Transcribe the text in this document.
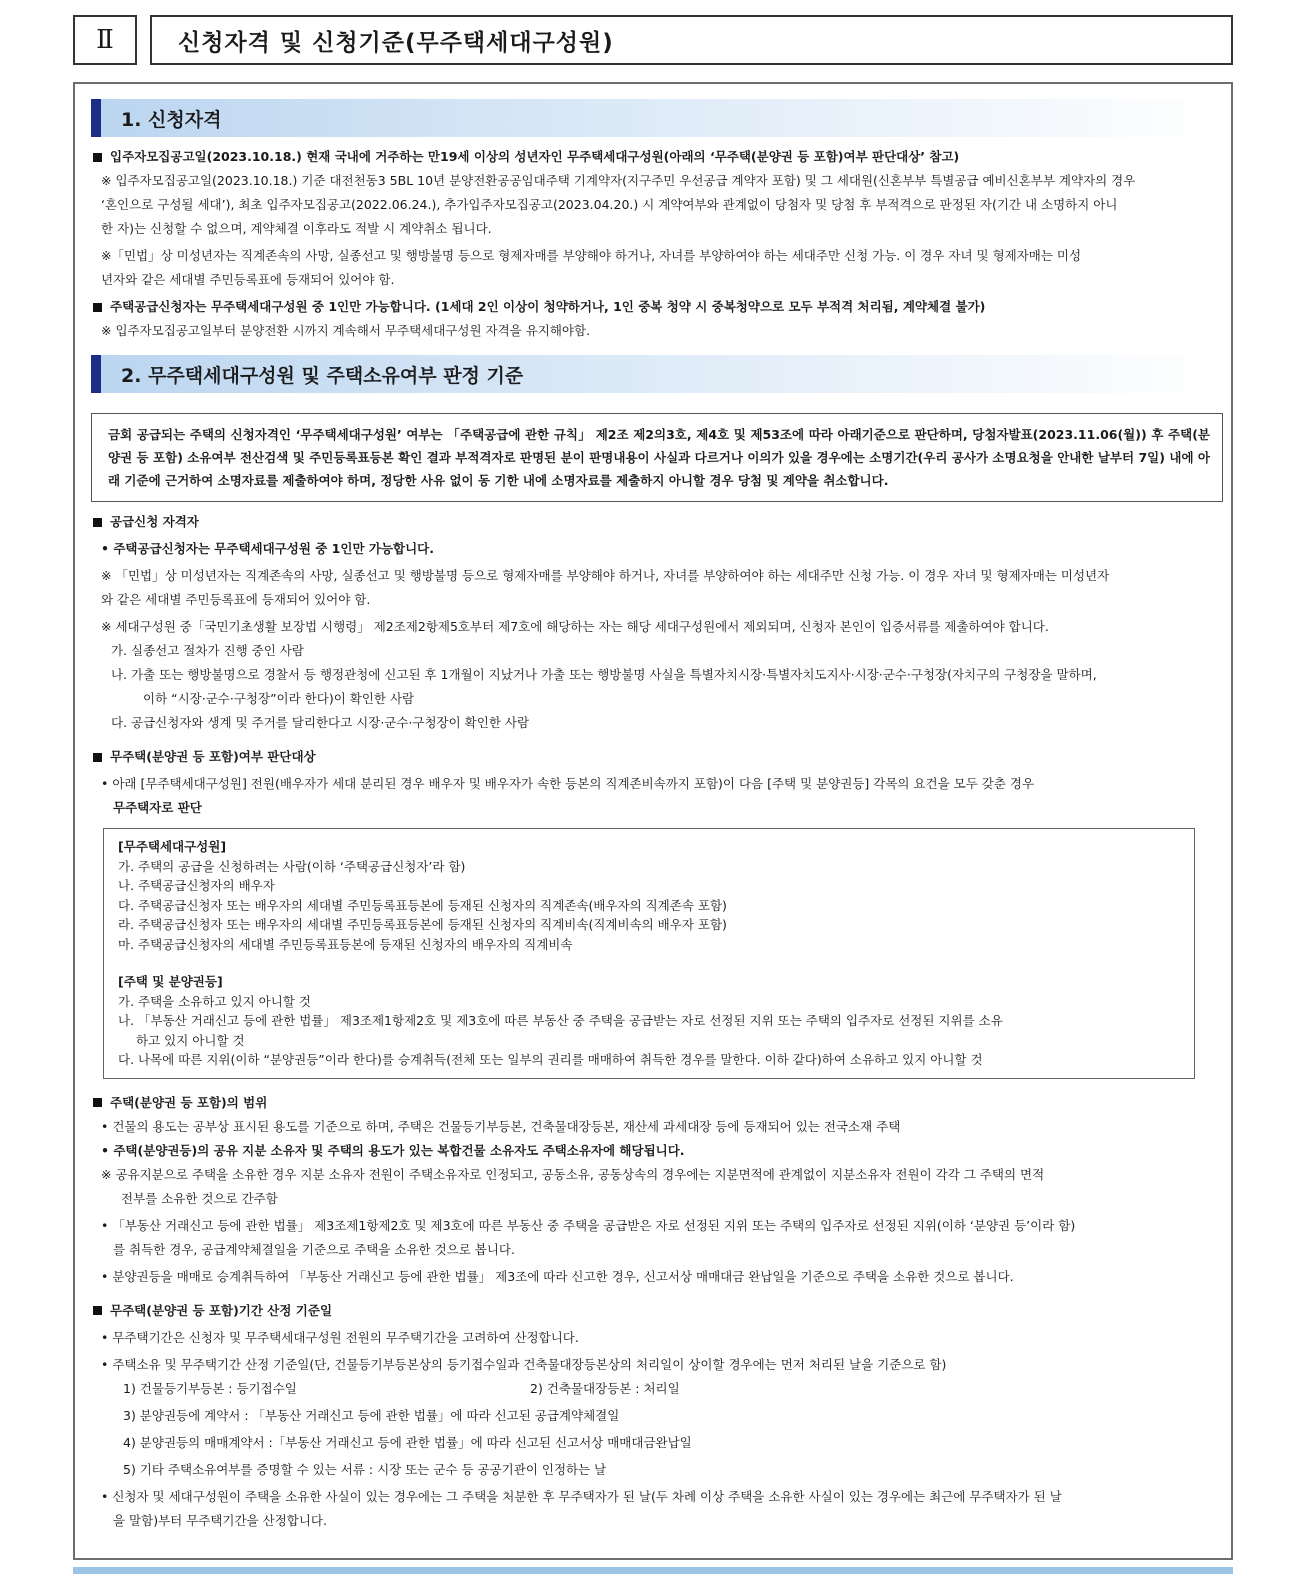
Ⅱ	신청자격 및 신청기준(무주택세대구성원)
1. 신청자격

입주자모집공고일(2023.10.18.) 현재 국내에 거주하는 만19세 이상의 성년자인 무주택세대구성원(아래의 ‘무주택(분양권 등 포함)여부 판단대상’ 참고)

※ 입주자모집공고일(2023.10.18.) 기준 대전천동3 5BL 10년 분양전환공공임대주택 기계약자(지구주민 우선공급 계약자 포함) 및 그 세대원(신혼부부 특별공급 예비신혼부부 계약자의 경우

‘혼인으로 구성될 세대’), 최초 입주자모집공고(2022.06.24.), 추가입주자모집공고(2023.04.20.) 시 계약여부와 관계없이 당첨자 및 당첨 후 부적격으로 판정된 자(기간 내 소명하지 아니

한 자)는 신청할 수 없으며, 계약체결 이후라도 적발 시 계약취소 됩니다.

※「민법」상 미성년자는 직계존속의 사망, 실종선고 및 행방불명 등으로 형제자매를 부양해야 하거나, 자녀를 부양하여야 하는 세대주만 신청 가능. 이 경우 자녀 및 형제자매는 미성

년자와 같은 세대별 주민등록표에 등재되어 있어야 함.

주택공급신청자는 무주택세대구성원 중 1인만 가능합니다. (1세대 2인 이상이 청약하거나, 1인 중복 청약 시 중복청약으로 모두 부적격 처리됨, 계약체결 불가)

※ 입주자모집공고일부터 분양전환 시까지 계속해서 무주택세대구성원 자격을 유지해야함.

2. 무주택세대구성원 및 주택소유여부 판정 기준
금회 공급되는 주택의 신청자격인 ‘무주택세대구성원’ 여부는 「주택공급에 관한 규칙」 제2조 제2의3호, 제4호 및 제53조에 따라 아래기준으로 판단하며, 당첨자발표(2023.11.06(월)) 후 주택(분양권 등 포함) 소유여부 전산검색 및 주민등록표등본 확인 결과 부적격자로 판명된 분이 판명내용이 사실과 다르거나 이의가 있을 경우에는 소명기간(우리 공사가 소명요청을 안내한 날부터 7일) 내에 아래 기준에 근거하여 소명자료를 제출하여야 하며, 정당한 사유 없이 동 기한 내에 소명자료를 제출하지 아니할 경우 당첨 및 계약을 취소합니다.

공급신청 자격자

• 주택공급신청자는 무주택세대구성원 중 1인만 가능합니다.

※ 「민법」상 미성년자는 직계존속의 사망, 실종선고 및 행방불명 등으로 형제자매를 부양해야 하거나, 자녀를 부양하여야 하는 세대주만 신청 가능. 이 경우 자녀 및 형제자매는 미성년자

와 같은 세대별 주민등록표에 등재되어 있어야 함.

※ 세대구성원 중「국민기초생활 보장법 시행령」 제2조제2항제5호부터 제7호에 해당하는 자는 해당 세대구성원에서 제외되며, 신청자 본인이 입증서류를 제출하여야 합니다.

가. 실종선고 절차가 진행 중인 사람

나. 가출 또는 행방불명으로 경찰서 등 행정관청에 신고된 후 1개월이 지났거나 가출 또는 행방불명 사실을 특별자치시장·특별자치도지사·시장·군수·구청장(자치구의 구청장을 말하며,

이하 “시장·군수·구청장”이라 한다)이 확인한 사람

다. 공급신청자와 생계 및 주거를 달리한다고 시장·군수·구청장이 확인한 사람

무주택(분양권 등 포함)여부 판단대상

• 아래 [무주택세대구성원] 전원(배우자가 세대 분리된 경우 배우자 및 배우자가 속한 등본의 직계존비속까지 포함)이 다음 [주택 및 분양권등] 각목의 요건을 모두 갖춘 경우

무주택자로 판단

[무주택세대구성원]

가. 주택의 공급을 신청하려는 사람(이하 ‘주택공급신청자’라 함)

나. 주택공급신청자의 배우자

다. 주택공급신청자 또는 배우자의 세대별 주민등록표등본에 등재된 신청자의 직계존속(배우자의 직계존속 포함)

라. 주택공급신청자 또는 배우자의 세대별 주민등록표등본에 등재된 신청자의 직계비속(직계비속의 배우자 포함)

마. 주택공급신청자의 세대별 주민등록표등본에 등재된 신청자의 배우자의 직계비속

[주택 및 분양권등]

가. 주택을 소유하고 있지 아니할 것

나. 「부동산 거래신고 등에 관한 법률」 제3조제1항제2호 및 제3호에 따른 부동산 중 주택을 공급받는 자로 선정된 지위 또는 주택의 입주자로 선정된 지위를 소유

하고 있지 아니할 것

다. 나목에 따른 지위(이하 “분양권등”이라 한다)를 승계취득(전체 또는 일부의 권리를 매매하여 취득한 경우를 말한다. 이하 같다)하여 소유하고 있지 아니할 것

주택(분양권 등 포함)의 범위

• 건물의 용도는 공부상 표시된 용도를 기준으로 하며, 주택은 건물등기부등본, 건축물대장등본, 재산세 과세대장 등에 등재되어 있는 전국소재 주택

• 주택(분양권등)의 공유 지분 소유자 및 주택의 용도가 있는 복합건물 소유자도 주택소유자에 해당됩니다.

※ 공유지분으로 주택을 소유한 경우 지분 소유자 전원이 주택소유자로 인정되고, 공동소유, 공동상속의 경우에는 지분면적에 관계없이 지분소유자 전원이 각각 그 주택의 면적

전부를 소유한 것으로 간주함

• 「부동산 거래신고 등에 관한 법률」 제3조제1항제2호 및 제3호에 따른 부동산 중 주택을 공급받은 자로 선정된 지위 또는 주택의 입주자로 선정된 지위(이하 ‘분양권 등’이라 함)

를 취득한 경우, 공급계약체결일을 기준으로 주택을 소유한 것으로 봅니다.

• 분양권등을 매매로 승계취득하여 「부동산 거래신고 등에 관한 법률」 제3조에 따라 신고한 경우, 신고서상 매매대금 완납일을 기준으로 주택을 소유한 것으로 봅니다.

무주택(분양권 등 포함)기간 산정 기준일

• 무주택기간은 신청자 및 무주택세대구성원 전원의 무주택기간을 고려하여 산정합니다.

• 주택소유 및 무주택기간 산정 기준일(단, 건물등기부등본상의 등기접수일과 건축물대장등본상의 처리일이 상이할 경우에는 먼저 처리된 날을 기준으로 함)

1) 건물등기부등본 : 등기접수일	2) 건축물대장등본 : 처리일

3) 분양권등에 계약서 : 「부동산 거래신고 등에 관한 법률」에 따라 신고된 공급계약체결일

4) 분양권등의 매매계약서 :「부동산 거래신고 등에 관한 법률」에 따라 신고된 신고서상 매매대금완납일

5) 기타 주택소유여부를 증명할 수 있는 서류 : 시장 또는 군수 등 공공기관이 인정하는 날

• 신청자 및 세대구성원이 주택을 소유한 사실이 있는 경우에는 그 주택을 처분한 후 무주택자가 된 날(두 차례 이상 주택을 소유한 사실이 있는 경우에는 최근에 무주택자가 된 날

을 말함)부터 무주택기간을 산정합니다.
